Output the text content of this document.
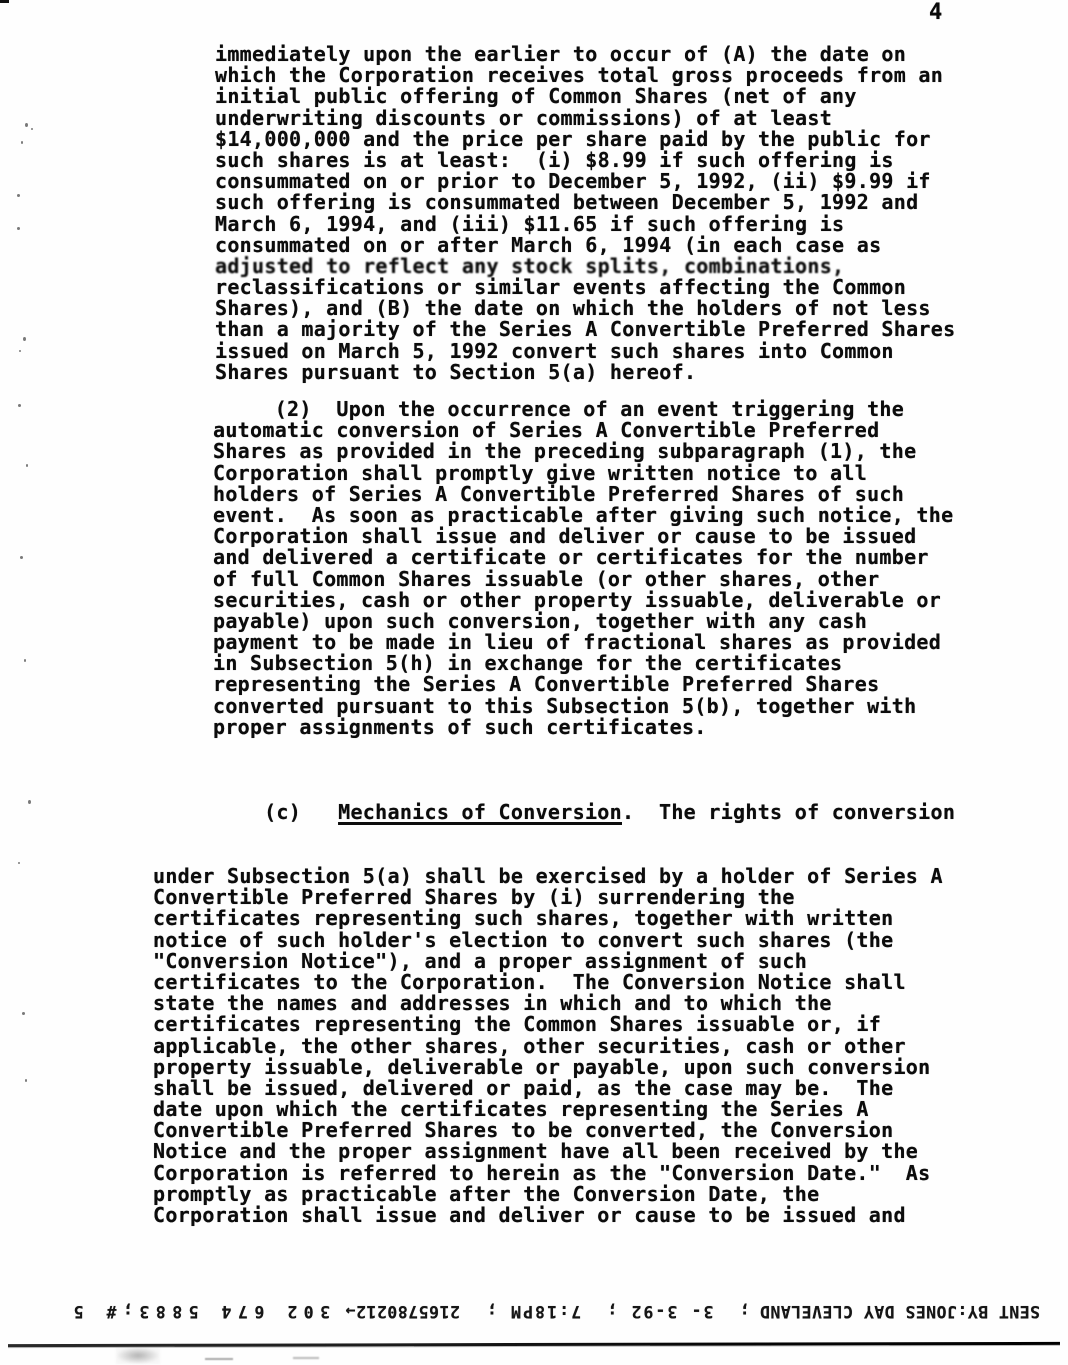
4
immediately upon the earlier to occur of (A) the date on
which the Corporation receives total gross proceeds from an
initial public offering of Common Shares (net of any
underwriting discounts or commissions) of at least
$14,000,000 and the price per share paid by the public for
such shares is at least:  (i) $8.99 if such offering is
consummated on or prior to December 5, 1992, (ii) $9.99 if
such offering is consummated between December 5, 1992 and
March 6, 1994, and (iii) $11.65 if such offering is
consummated on or after March 6, 1994 (in each case as
adjusted to reflect any stock splits, combinations,
reclassifications or similar events affecting the Common
Shares), and (B) the date on which the holders of not less
than a majority of the Series A Convertible Preferred Shares
issued on March 5, 1992 convert such shares into Common
Shares pursuant to Section 5(a) hereof.
(2)  Upon the occurrence of an event triggering the
automatic conversion of Series A Convertible Preferred
Shares as provided in the preceding subparagraph (1), the
Corporation shall promptly give written notice to all
holders of Series A Convertible Preferred Shares of such
event.  As soon as practicable after giving such notice, the
Corporation shall issue and deliver or cause to be issued
and delivered a certificate or certificates for the number
of full Common Shares issuable (or other shares, other
securities, cash or other property issuable, deliverable or
payable) upon such conversion, together with any cash
payment to be made in lieu of fractional shares as provided
in Subsection 5(h) in exchange for the certificates
representing the Series A Convertible Preferred Shares
converted pursuant to this Subsection 5(b), together with
proper assignments of such certificates.

(c)   Mechanics of Conversion.  The rights of conversion

under Subsection 5(a) shall be exercised by a holder of Series A
Convertible Preferred Shares by (i) surrendering the
certificates representing such shares, together with written
notice of such holder's election to convert such shares (the
"Conversion Notice"), and a proper assignment of such
certificates to the Corporation.  The Conversion Notice shall
state the names and addresses in which and to which the
certificates representing the Common Shares issuable or, if
applicable, the other shares, other securities, cash or other
property issuable, deliverable or payable, upon such conversion
shall be issued, delivered or paid, as the case may be.  The
date upon which the certificates representing the Series A
Convertible Preferred Shares to be converted, the Conversion
Notice and the proper assignment have all been received by the
Corporation is referred to herein as the "Conversion Date."  As
promptly as practicable after the Conversion Date, the
Corporation shall issue and deliver or cause to be issued and

SENT BY:JONES DAY CLEVELAND
;  3- 3-92 ;  7:18PM ;
2165780212→
302 674 5883;# 5
